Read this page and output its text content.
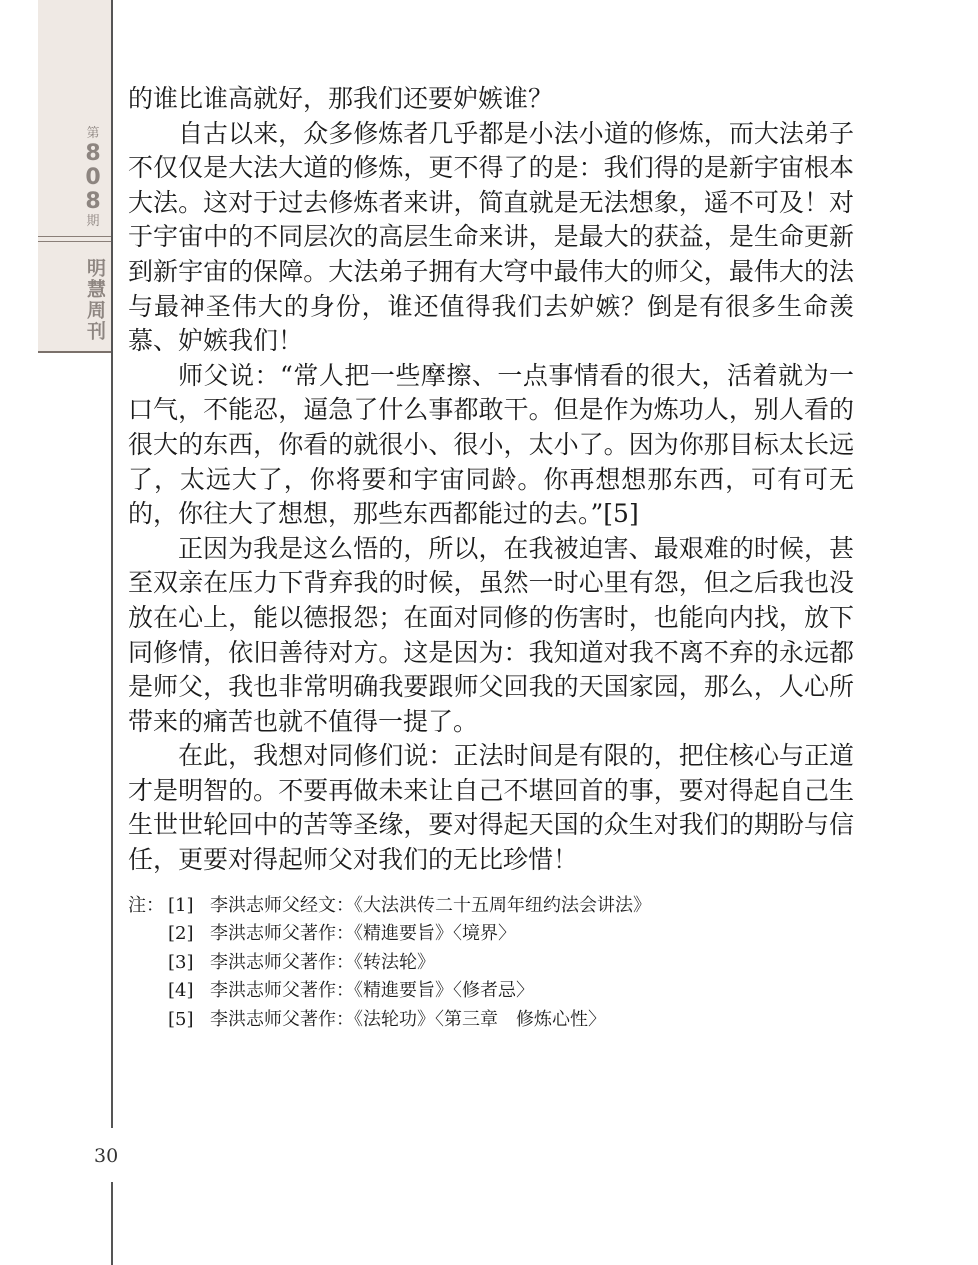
第
8
0
8
期
明慧周刊

的谁比谁高就好，那我们还要妒嫉谁？

自古以来，众多修炼者几乎都是小法小道的修炼，而大法弟子不仅仅是大法大道的修炼，更不得了的是：我们得的是新宇宙根本大法。这对于过去修炼者来讲，简直就是无法想象，遥不可及！对于宇宙中的不同层次的高层生命来讲，是最大的获益，是生命更新到新宇宙的保障。大法弟子拥有大穹中最伟大的师父，最伟大的法与最神圣伟大的身份，谁还值得我们去妒嫉？倒是有很多生命羡慕、妒嫉我们！

师父说：“常人把一些摩擦、一点事情看的很大，活着就为一口气，不能忍，逼急了什么事都敢干。但是作为炼功人，别人看的很大的东西，你看的就很小、很小，太小了。因为你那目标太长远了，太远大了，你将要和宇宙同龄。你再想想那东西，可有可无的，你往大了想想，那些东西都能过的去。”[5]

正因为我是这么悟的，所以，在我被迫害、最艰难的时候，甚至双亲在压力下背弃我的时候，虽然一时心里有怨，但之后我也没放在心上，能以德报怨；在面对同修的伤害时，也能向内找，放下同修情，依旧善待对方。这是因为：我知道对我不离不弃的永远都是师父，我也非常明确我要跟师父回我的天国家园，那么，人心所带来的痛苦也就不值得一提了。

在此，我想对同修们说：正法时间是有限的，把住核心与正道才是明智的。不要再做未来让自己不堪回首的事，要对得起自己生生世世轮回中的苦等圣缘，要对得起天国的众生对我们的期盼与信任，更要对得起师父对我们的无比珍惜！

注： [1] 李洪志师父经文：《大法洪传二十五周年纽约法会讲法》

[2] 李洪志师父著作：《精進要旨》〈境界〉

[3] 李洪志师父著作：《转法轮》

[4] 李洪志师父著作：《精進要旨》〈修者忌〉

[5] 李洪志师父著作：《法轮功》〈第三章　修炼心性〉

30
